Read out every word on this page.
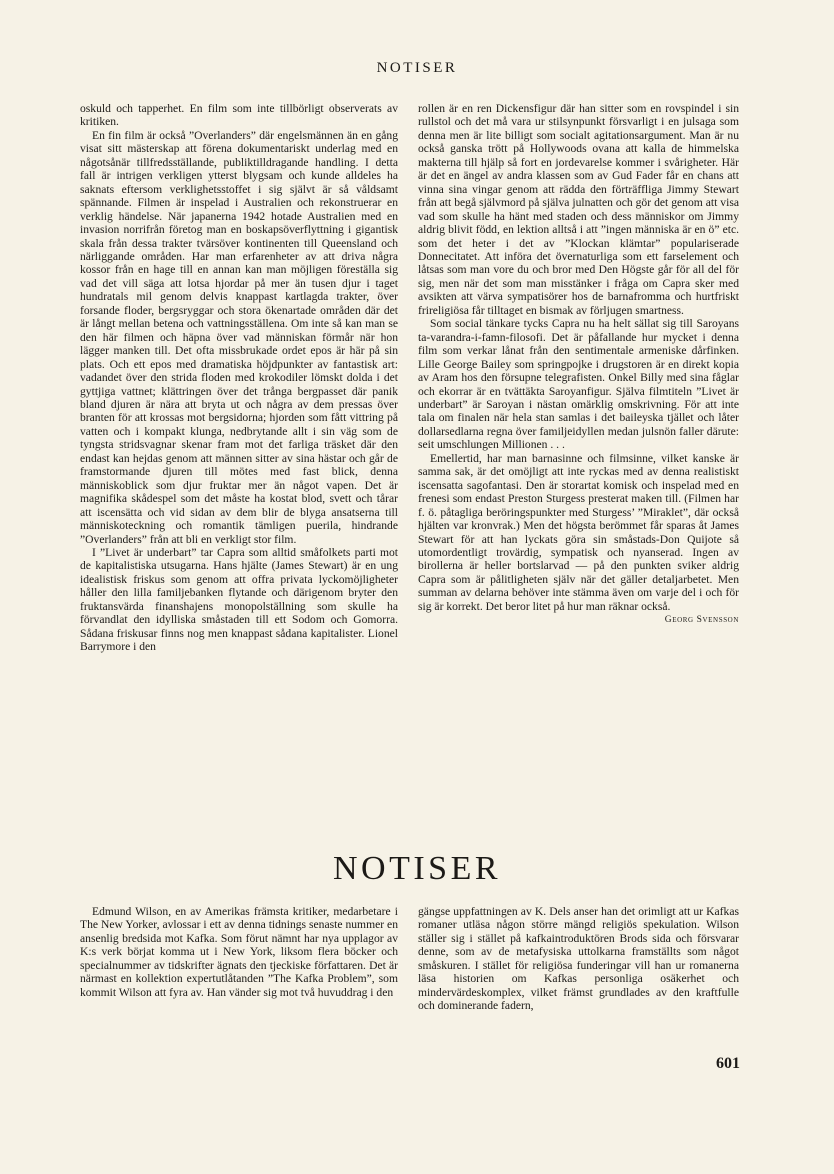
NOTISER

oskuld och tapperhet. En film som inte tillbörligt observerats av kritiken.

En fin film är också ”Overlanders” där engelsmännen än en gång visat sitt mästerskap att förena dokumentariskt underlag med en någotsånär tillfredsställande, publiktilldragande handling. I detta fall är intrigen verkligen ytterst blygsam och kunde alldeles ha saknats eftersom verklighetsstoffet i sig självt är så våldsamt spännande. Filmen är inspelad i Australien och rekonstruerar en verklig händelse. När japanerna 1942 hotade Australien med en invasion norrifrån företog man en boskapsöverflyttning i gigantisk skala från dessa trakter tvärsöver kontinenten till Queensland och närliggande områden. Har man erfarenheter av att driva några kossor från en hage till en annan kan man möjligen föreställa sig vad det vill säga att lotsa hjordar på mer än tusen djur i taget hundratals mil genom delvis knappast kartlagda trakter, över forsande floder, bergsryggar och stora ökenartade områden där det är långt mellan betena och vattningsställena. Om inte så kan man se den här filmen och häpna över vad människan förmår när hon lägger manken till. Det ofta missbrukade ordet epos är här på sin plats. Och ett epos med dramatiska höjdpunkter av fantastisk art: vadandet över den strida floden med krokodiler lömskt dolda i det gyttjiga vattnet; klättringen över det trånga bergpasset där panik bland djuren är nära att bryta ut och några av dem pressas över branten för att krossas mot bergsidorna; hjorden som fått vittring på vatten och i kompakt klunga, nedbrytande allt i sin väg som de tyngsta stridsvagnar skenar fram mot det farliga träsket där den endast kan hejdas genom att männen sitter av sina hästar och går de framstormande djuren till mötes med fast blick, denna människoblick som djur fruktar mer än något vapen. Det är magnifika skådespel som det måste ha kostat blod, svett och tårar att iscensätta och vid sidan av dem blir de blyga ansatserna till människoteckning och romantik tämligen puerila, hindrande ”Overlanders” från att bli en verkligt stor film.

I ”Livet är underbart” tar Capra som alltid småfolkets parti mot de kapitalistiska utsugarna. Hans hjälte (James Stewart) är en ung idealistisk friskus som genom att offra privata lyckomöjligheter håller den lilla familjebanken flytande och därigenom bryter den fruktansvärda finanshajens monopolställning som skulle ha förvandlat den idylliska småstaden till ett Sodom och Gomorra. Sådana friskusar finns nog men knappast sådana kapitalister. Lionel Barrymore i den

rollen är en ren Dickensfigur där han sitter som en rovspindel i sin rullstol och det må vara ur stilsynpunkt försvarligt i en julsaga som denna men är lite billigt som socialt agitationsargument. Man är nu också ganska trött på Hollywoods ovana att kalla de himmelska makterna till hjälp så fort en jordevarelse kommer i svårigheter. Här är det en ängel av andra klassen som av Gud Fader får en chans att vinna sina vingar genom att rädda den förträffliga Jimmy Stewart från att begå självmord på själva julnatten och gör det genom att visa vad som skulle ha hänt med staden och dess människor om Jimmy aldrig blivit född, en lektion alltså i att ”ingen människa är en ö” etc. som det heter i det av ”Klockan klämtar” populariserade Donnecitatet. Att införa det övernaturliga som ett farselement och låtsas som man vore du och bror med Den Högste går för all del för sig, men när det som man misstänker i fråga om Capra sker med avsikten att värva sympatisörer hos de barnafromma och hurtfriskt frireligiösa får tilltaget en bismak av förljugen smartness.

Som social tänkare tycks Capra nu ha helt sällat sig till Saroyans ta-varandra-i-famn-filosofi. Det är påfallande hur mycket i denna film som verkar lånat från den sentimentale armeniske dårfinken. Lille George Bailey som springpojke i drugstoren är en direkt kopia av Aram hos den försupne telegrafisten. Onkel Billy med sina fåglar och ekorrar är en tvättäkta Saroyanfigur. Själva filmtiteln ”Livet är underbart” är Saroyan i nästan omärklig omskrivning. För att inte tala om finalen när hela stan samlas i det baileyska tjället och låter dollarsedlarna regna över familjeidyllen medan julsnön faller därute: seit umschlungen Millionen . . .

Emellertid, har man barnasinne och filmsinne, vilket kanske är samma sak, är det omöjligt att inte ryckas med av denna realistiskt iscensatta sagofantasi. Den är storartat komisk och inspelad med en frenesi som endast Preston Sturgess presterat maken till. (Filmen har f. ö. påtagliga beröringspunkter med Sturgess’ ”Miraklet”, där också hjälten var kronvrak.) Men det högsta berömmet får sparas åt James Stewart för att han lyckats göra sin småstads-Don Quijote så utomordentligt trovärdig, sympatisk och nyanserad. Ingen av birollerna är heller bortslarvad — på den punkten sviker aldrig Capra som är pålitligheten själv när det gäller detaljarbetet. Men summan av delarna behöver inte stämma även om varje del i och för sig är korrekt. Det beror litet på hur man räknar också.

Georg Svensson
NOTISER

Edmund Wilson, en av Amerikas främsta kritiker, medarbetare i The New Yorker, avlossar i ett av denna tidnings senaste nummer en ansenlig bredsida mot Kafka. Som förut nämnt har nya upplagor av K:s verk börjat komma ut i New York, liksom flera böcker och specialnummer av tidskrifter ägnats den tjeckiske författaren. Det är närmast en kollektion expertutlåtanden ”The Kafka Problem”, som kommit Wilson att fyra av. Han vänder sig mot två huvuddrag i den

gängse uppfattningen av K. Dels anser han det orimligt att ur Kafkas romaner utläsa någon större mängd religiös spekulation. Wilson ställer sig i stället på kafkaintroduktören Brods sida och försvarar denne, som av de metafysiska uttolkarna framställts som något småskuren. I stället för religiösa funderingar vill han ur romanerna läsa historien om Kafkas personliga osäkerhet och mindervärdeskomplex, vilket främst grundlades av den kraftfulle och dominerande fadern,

601
